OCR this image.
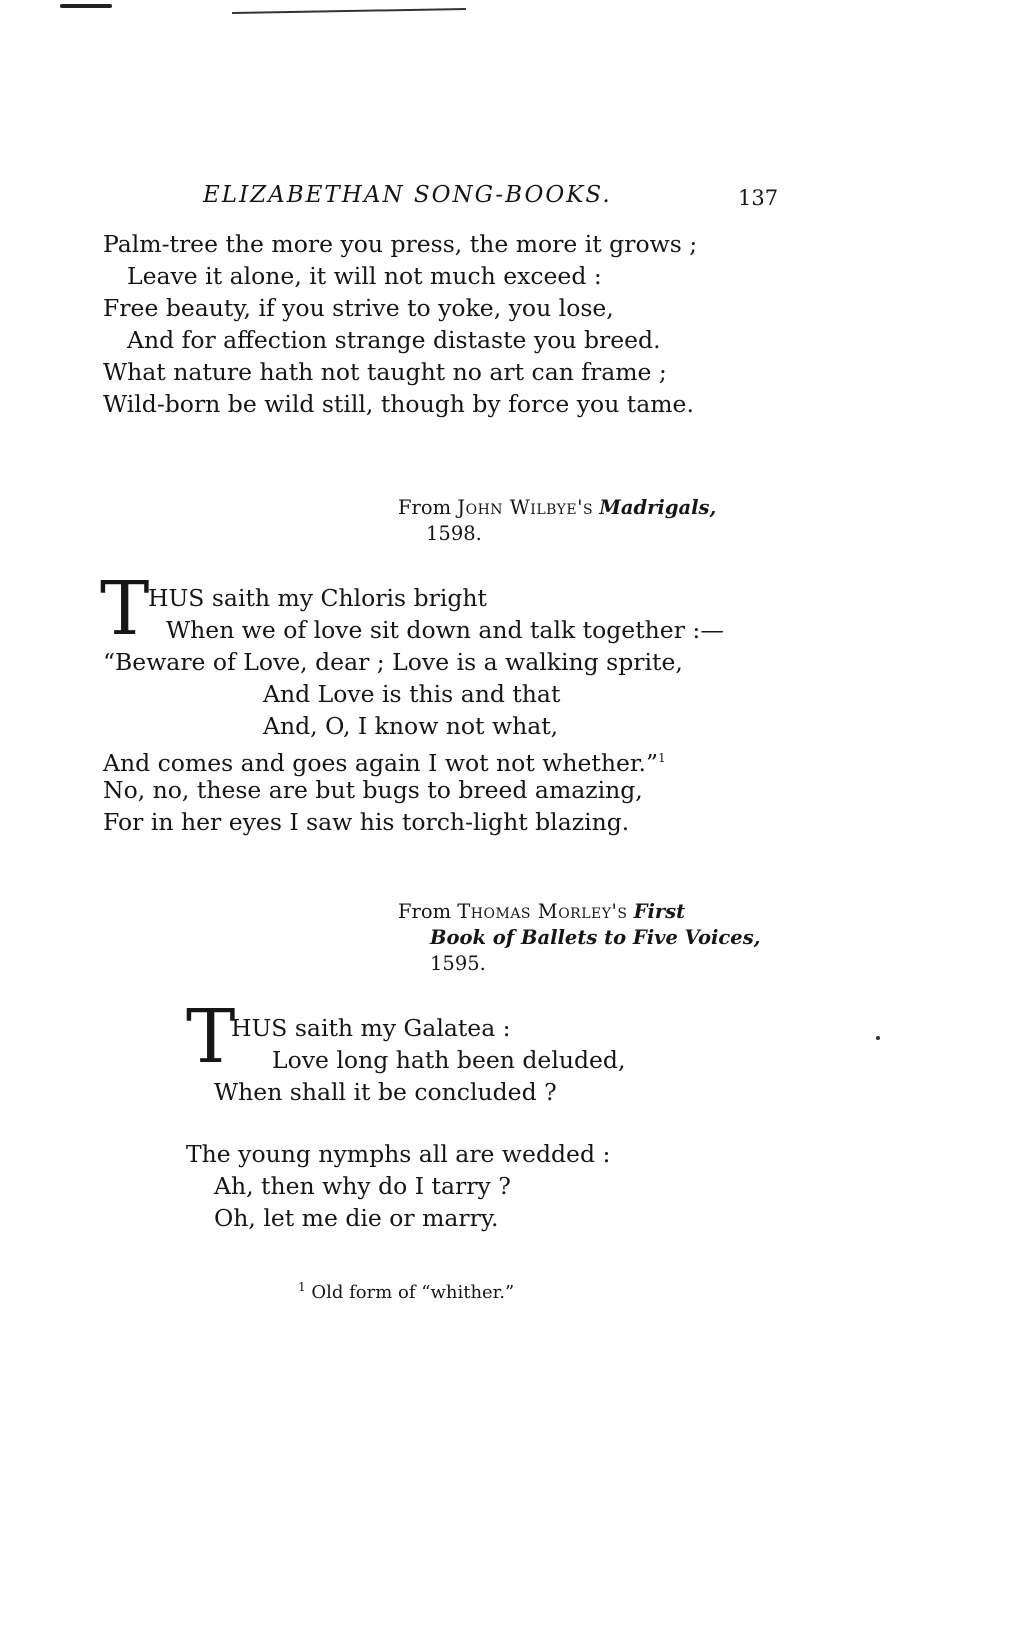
ELIZABETHAN SONG-BOOKS.	137
Palm-tree the more you press, the more it grows ;
Leave it alone, it will not much exceed :
Free beauty, if you strive to yoke, you lose,
And for affection strange distaste you breed.
What nature hath not taught no art can frame ;
Wild-born be wild still, though by force you tame.
From John Wilbye's Madrigals,
1598.
T
HUS saith my Chloris bright
When we of love sit down and talk together :—
“Beware of Love, dear ; Love is a walking sprite,
And Love is this and that
And, O, I know not what,
And comes and goes again I wot not whether.”$^1$
No, no, these are but bugs to breed amazing,
For in her eyes I saw his torch-light blazing.
From Thomas Morley's First
Book of Ballets to Five Voices,
1595.
T
HUS saith my Galatea :
Love long hath been deluded,
When shall it be concluded ?
The young nymphs all are wedded :
Ah, then why do I tarry ?
Oh, let me die or marry.
$^1$ Old form of “whither.”
